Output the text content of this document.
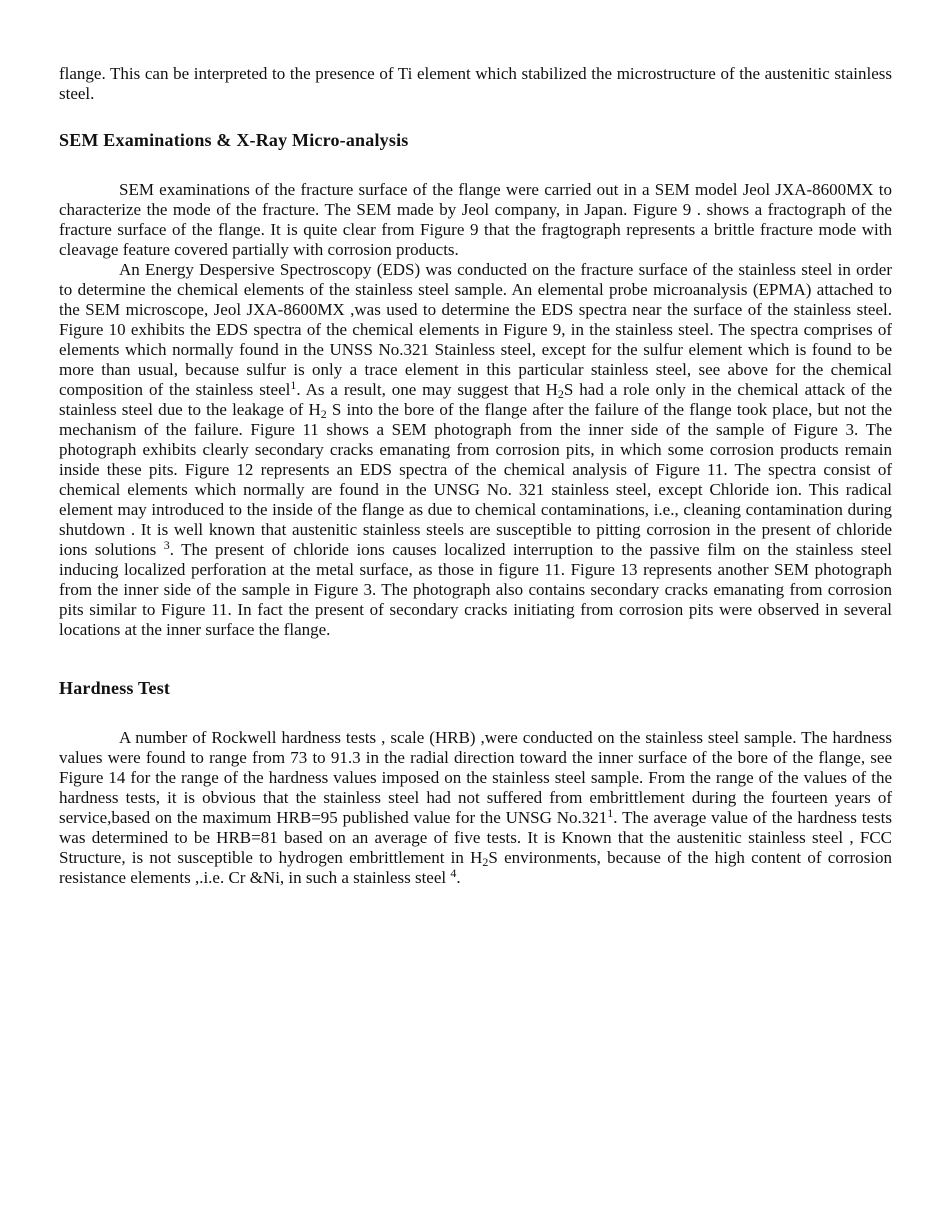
flange. This can be interpreted to the presence of Ti element which stabilized the microstructure of the austenitic stainless steel.

SEM Examinations & X-Ray Micro-analysis

SEM examinations of the fracture surface of the flange were carried out in a SEM model Jeol JXA-8600MX to characterize the mode of the fracture. The SEM made by Jeol company, in Japan. Figure 9 . shows a fractograph of the fracture surface of the flange. It is quite clear from Figure 9 that the fragtograph represents a brittle fracture mode with cleavage feature covered partially with corrosion products.

An Energy Despersive Spectroscopy (EDS) was conducted on the fracture surface of the stainless steel in order to determine the chemical elements of the stainless steel sample. An elemental probe microanalysis (EPMA) attached to the SEM microscope, Jeol JXA-8600MX ,was used to determine the EDS spectra near the surface of the stainless steel. Figure 10 exhibits the EDS spectra of the chemical elements in Figure 9, in the stainless steel. The spectra comprises of elements which normally found in the UNSS No.321 Stainless steel, except for the sulfur element which is found to be more than usual, because sulfur is only a trace element in this particular stainless steel, see above for the chemical composition of the stainless steel$^1$. As a result, one may suggest that $H_2S$ had a role only in the chemical attack of the stainless steel due to the leakage of $H_2$ S into the bore of the flange after the failure of the flange took place, but not the mechanism of the failure. Figure 11 shows a SEM photograph from the inner side of the sample of Figure 3. The photograph exhibits clearly secondary cracks emanating from corrosion pits, in which some corrosion products remain inside these pits. Figure 12 represents an EDS spectra of the chemical analysis of Figure 11. The spectra consist of chemical elements which normally are found in the UNSG No. 321 stainless steel, except Chloride ion. This radical element may introduced to the inside of the flange as due to chemical contaminations, i.e., cleaning contamination during shutdown . It is well known that austenitic stainless steels are susceptible to pitting corrosion in the present of chloride ions solutions $^3$. The present of chloride ions causes localized interruption to the passive film on the stainless steel inducing localized perforation at the metal surface, as those in figure 11. Figure 13 represents another SEM photograph from the inner side of the sample in Figure 3. The photograph also contains secondary cracks emanating from corrosion pits similar to Figure 11. In fact the present of secondary cracks initiating from corrosion pits were observed in several locations at the inner surface the flange.

Hardness Test

A number of Rockwell hardness tests , scale (HRB) ,were conducted on the stainless steel sample. The hardness values were found to range from 73 to 91.3 in the radial direction toward the inner surface of the bore of the flange, see Figure 14 for the range of the hardness values imposed on the stainless steel sample. From the range of the values of the hardness tests, it is obvious that the stainless steel had not suffered from embrittlement during the fourteen years of service,based on the maximum HRB=95 published value for the UNSG No.321$^1$. The average value of the hardness tests was determined to be HRB=81 based on an average of five tests. It is Known that the austenitic stainless steel , FCC Structure, is not susceptible to hydrogen embrittlement in $H_2S$ environments, because of the high content of corrosion resistance elements ,.i.e. Cr &Ni, in such a stainless steel $^4$.
